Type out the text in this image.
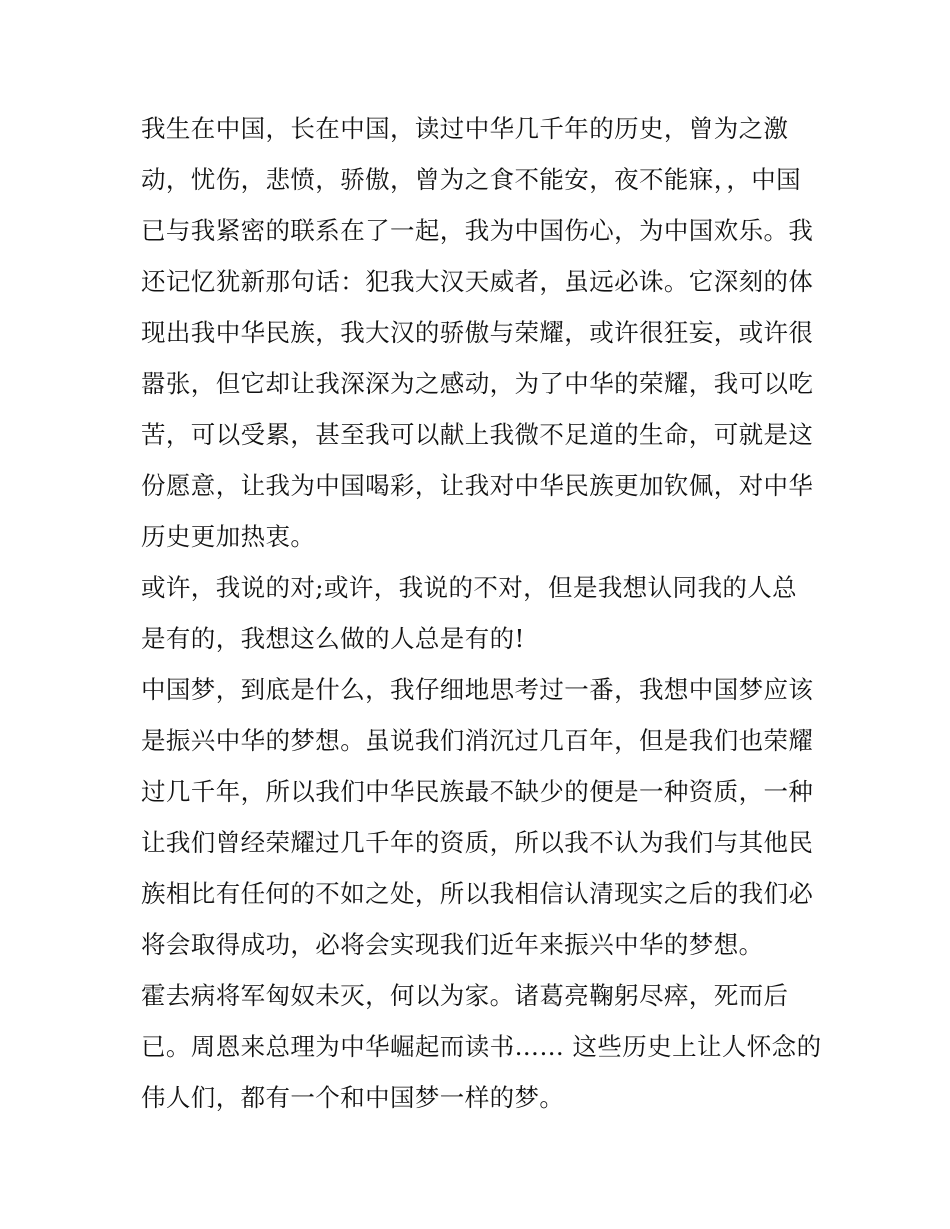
我生在中国，长在中国，读过中华几千年的历史，曾为之激
动，忧伤，悲愤，骄傲，曾为之食不能安，夜不能寐，，中国
已与我紧密的联系在了一起，我为中国伤心，为中国欢乐。我
还记忆犹新那句话：犯我大汉天威者，虽远必诛。它深刻的体
现出我中华民族，我大汉的骄傲与荣耀，或许很狂妄，或许很
嚣张，但它却让我深深为之感动，为了中华的荣耀，我可以吃
苦，可以受累，甚至我可以献上我微不足道的生命，可就是这
份愿意，让我为中国喝彩，让我对中华民族更加钦佩，对中华
历史更加热衷。
或许，我说的对;或许，我说的不对，但是我想认同我的人总
是有的，我想这么做的人总是有的!
中国梦，到底是什么，我仔细地思考过一番，我想中国梦应该
是振兴中华的梦想。虽说我们消沉过几百年，但是我们也荣耀
过几千年，所以我们中华民族最不缺少的便是一种资质，一种
让我们曾经荣耀过几千年的资质，所以我不认为我们与其他民
族相比有任何的不如之处，所以我相信认清现实之后的我们必
将会取得成功，必将会实现我们近年来振兴中华的梦想。
霍去病将军匈奴未灭，何以为家。诸葛亮鞠躬尽瘁，死而后
已。周恩来总理为中华崛起而读书…… 这些历史上让人怀念的
伟人们，都有一个和中国梦一样的梦。
